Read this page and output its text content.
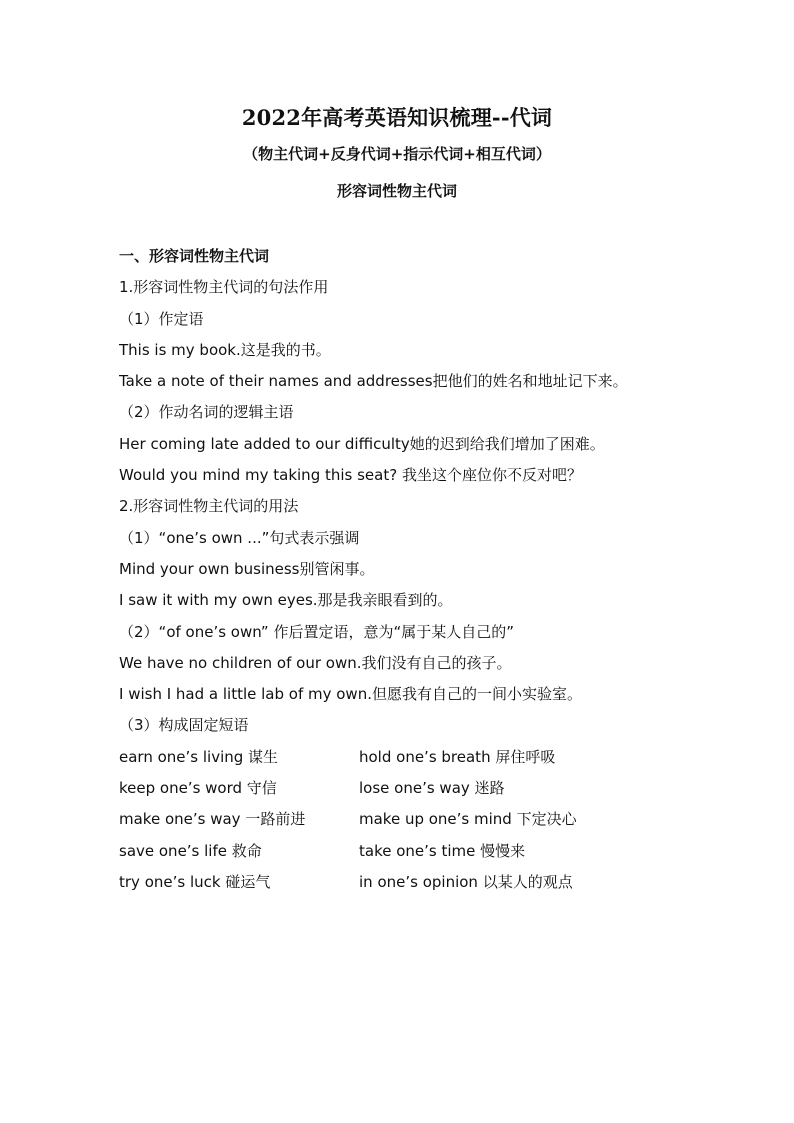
2022年高考英语知识梳理--代词
（物主代词+反身代词+指示代词+相互代词）
形容词性物主代词
一、形容词性物主代词
1.形容词性物主代词的句法作用
（1）作定语
This is my book.这是我的书。
Take a note of their names and addresses把他们的姓名和地址记下来。
（2）作动名词的逻辑主语
Her coming late added to our difficulty她的迟到给我们增加了困难。
Would you mind my taking this seat? 我坐这个座位你不反对吧？
2.形容词性物主代词的用法
（1）“one’s own ...”句式表示强调
Mind your own business别管闲事。
I saw it with my own eyes.那是我亲眼看到的。
（2）“of one’s own” 作后置定语，意为“属于某人自己的”
We have no children of our own.我们没有自己的孩子。
I wish I had a little lab of my own.但愿我有自己的一间小实验室。
（3）构成固定短语
earn one’s living 谋生	hold one’s breath 屏住呼吸
keep one’s word 守信	lose one’s way 迷路
make one’s way 一路前进	make up one’s mind 下定决心
save one’s life 救命	take one’s time 慢慢来
try one’s luck 碰运气	in one’s opinion 以某人的观点
